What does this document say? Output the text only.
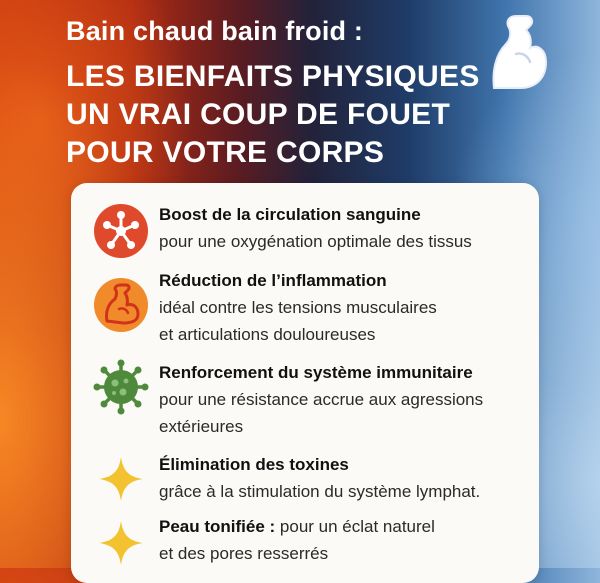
Bain chaud bain froid :

LES BIENFAITS PHYSIQUES

UN VRAI COUP DE FOUET

POUR VOTRE CORPS

Boost de la circulation sanguine
pour une oxygénation optimale des tissus
Réduction de l’inflammation
idéal contre les tensions musculaires
et articulations douloureuses
Renforcement du système immunitaire
pour une résistance accrue aux agressions
extérieures
Élimination des toxines
grâce à la stimulation du système lymphat.
Peau tonifiée : pour un éclat naturel
et des pores resserrés
